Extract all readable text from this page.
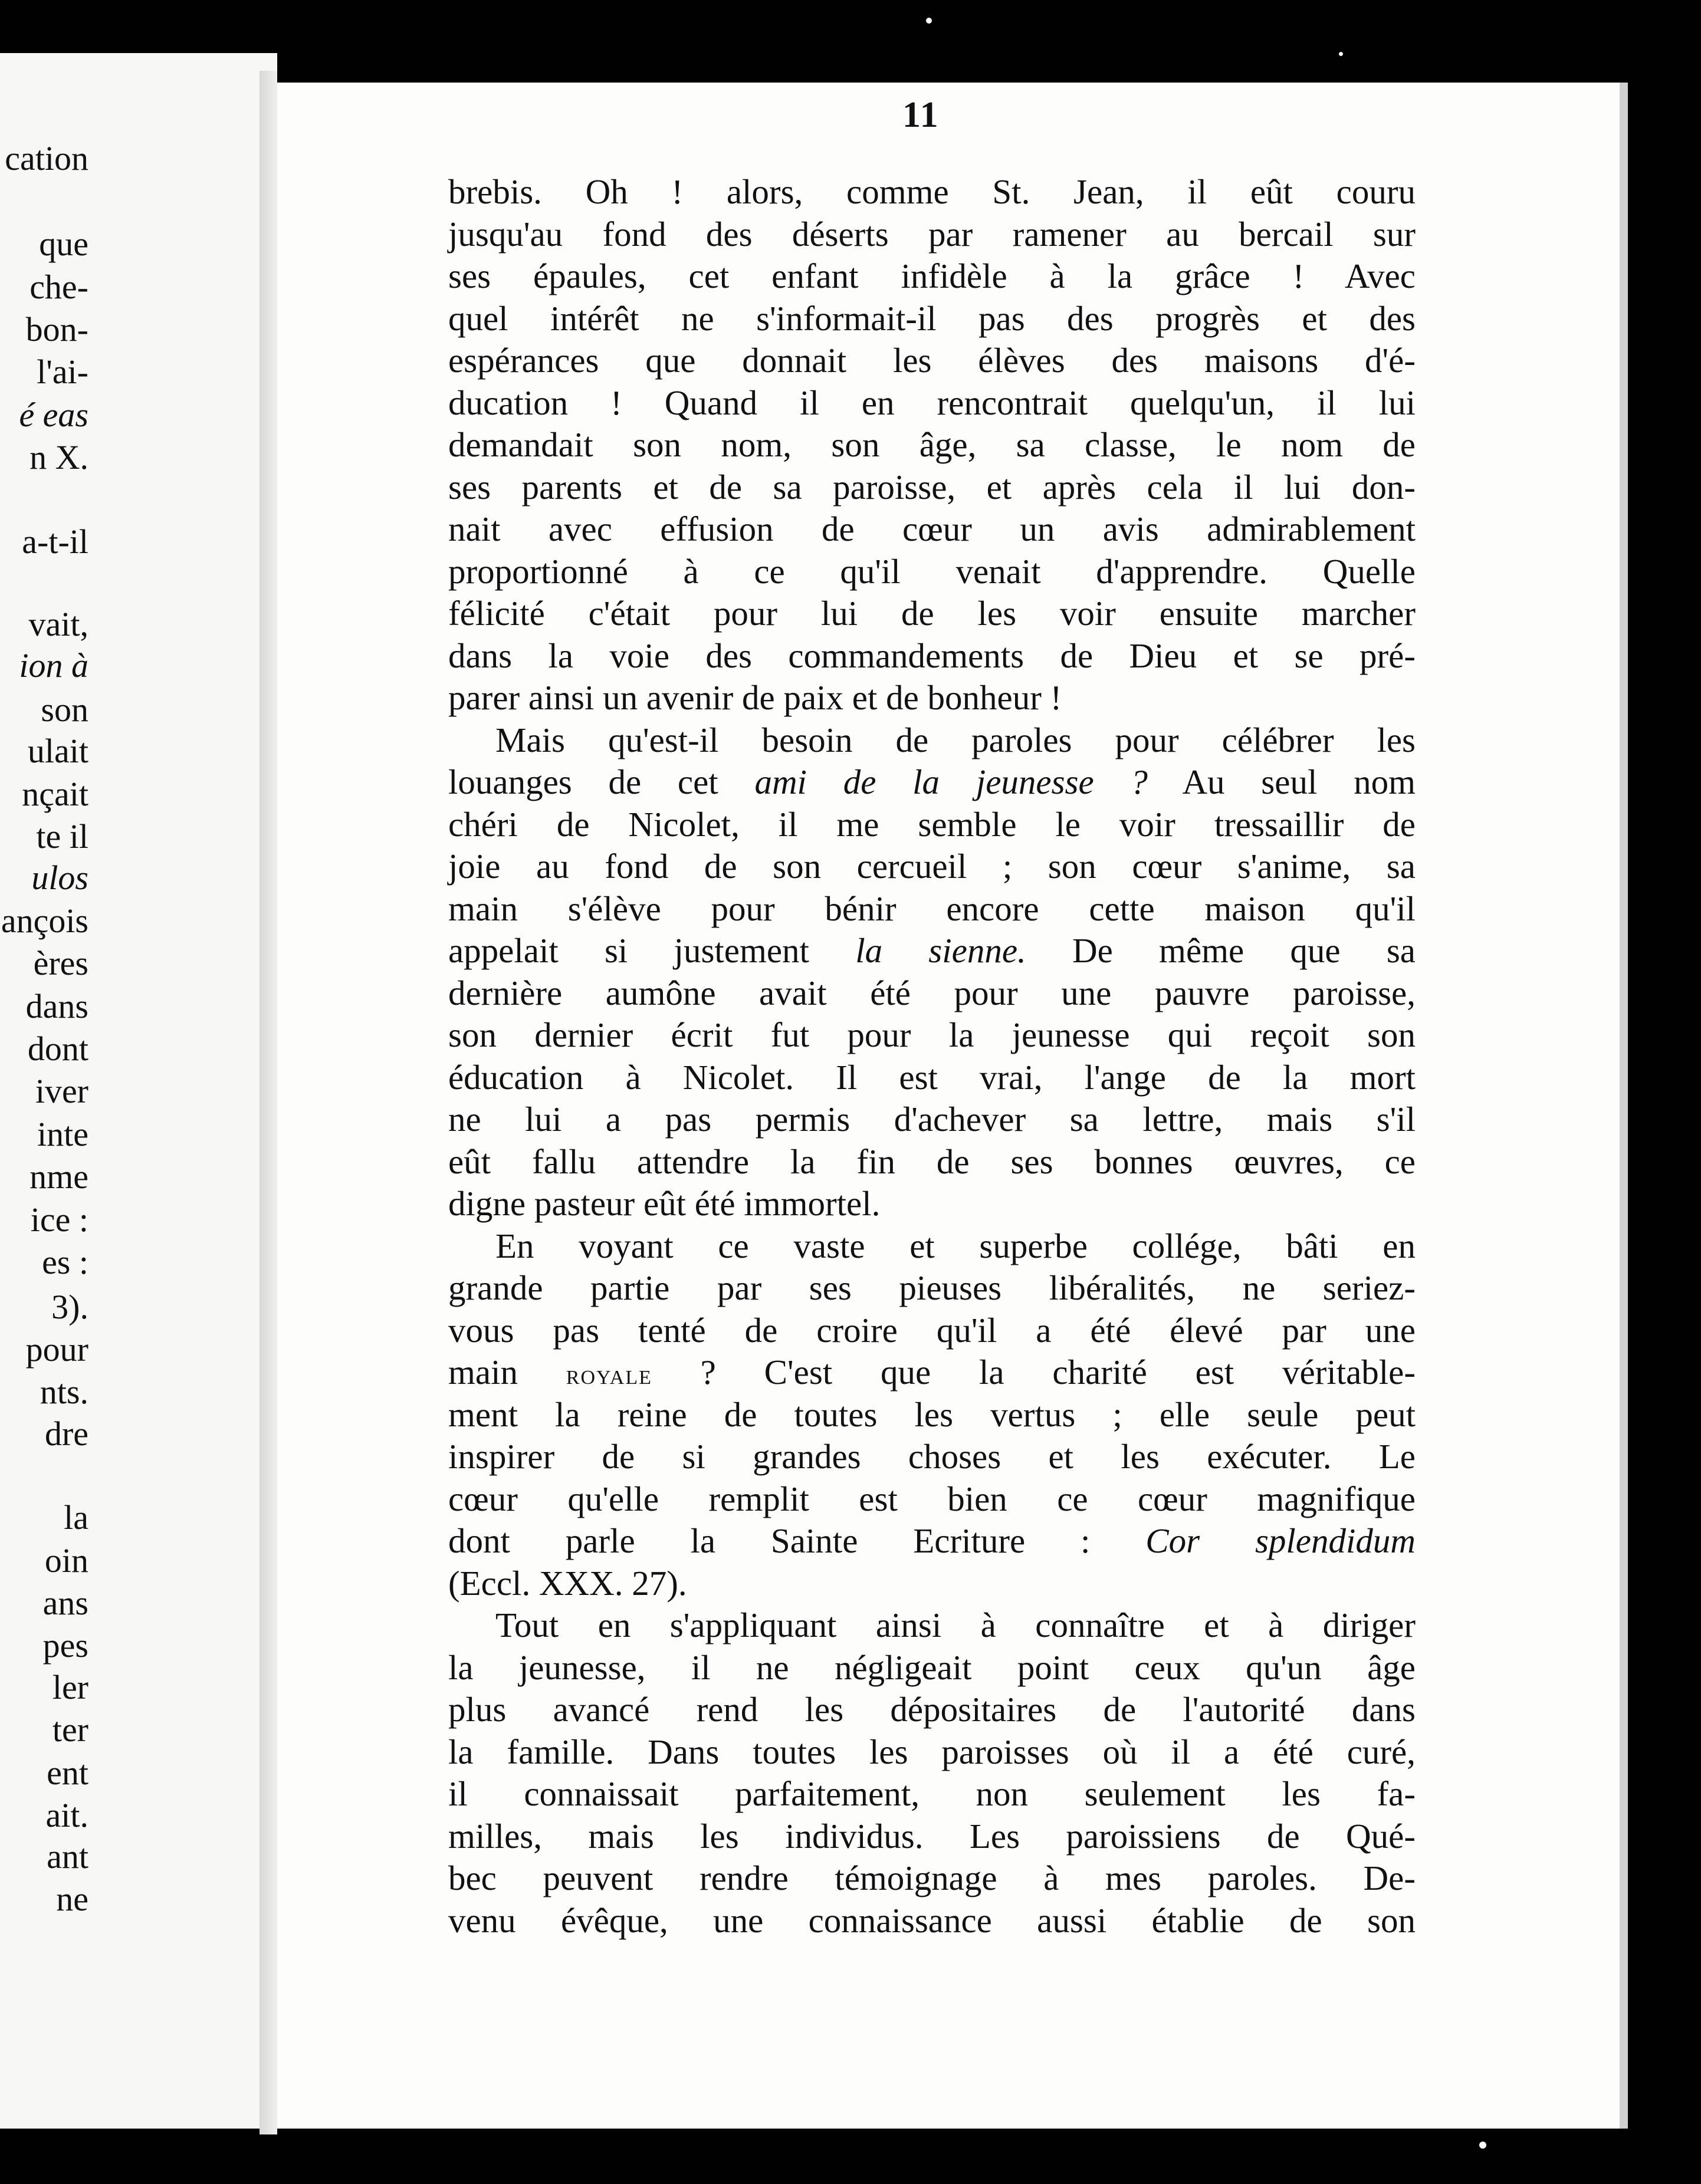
cation
que
che-
bon-
l'ai-
é eas
n X.
a-t-il
vait,
ion à
son
ulait
nçait
te il
ulos
ançois
ères
dans
dont
iver
inte
nme
ice :
es :
3).
pour
nts.
dre
la
oin
ans
pes
ler
ter
ent
ait.
ant
ne
11
brebis. Oh ! alors, comme St. Jean, il eût couru
jusqu'au fond des déserts par ramener au bercail sur
ses épaules, cet enfant infidèle à la grâce ! Avec
quel intérêt ne s'informait-il pas des progrès et des
espérances que donnait les élèves des maisons d'é-
ducation ! Quand il en rencontrait quelqu'un, il lui
demandait son nom, son âge, sa classe, le nom de
ses parents et de sa paroisse, et après cela il lui don-
nait avec effusion de cœur un avis admirablement
proportionné à ce qu'il venait d'apprendre. Quelle
félicité c'était pour lui de les voir ensuite marcher
dans la voie des commandements de Dieu et se pré-
parer ainsi un avenir de paix et de bonheur !
Mais qu'est-il besoin de paroles pour célébrer les
louanges de cet ami de la jeunesse ? Au seul nom
chéri de Nicolet, il me semble le voir tressaillir de
joie au fond de son cercueil ; son cœur s'anime, sa
main s'élève pour bénir encore cette maison qu'il
appelait si justement la sienne. De même que sa
dernière aumône avait été pour une pauvre paroisse,
son dernier écrit fut pour la jeunesse qui reçoit son
éducation à Nicolet. Il est vrai, l'ange de la mort
ne lui a pas permis d'achever sa lettre, mais s'il
eût fallu attendre la fin de ses bonnes œuvres, ce
digne pasteur eût été immortel.
En voyant ce vaste et superbe collége, bâti en
grande partie par ses pieuses libéralités, ne seriez-
vous pas tenté de croire qu'il a été élevé par une
main royale ? C'est que la charité est véritable-
ment la reine de toutes les vertus ; elle seule peut
inspirer de si grandes choses et les exécuter. Le
cœur qu'elle remplit est bien ce cœur magnifique
dont parle la Sainte Ecriture : Cor splendidum
(Eccl. XXX. 27).
Tout en s'appliquant ainsi à connaître et à diriger
la jeunesse, il ne négligeait point ceux qu'un âge
plus avancé rend les dépositaires de l'autorité dans
la famille. Dans toutes les paroisses où il a été curé,
il connaissait parfaitement, non seulement les fa-
milles, mais les individus. Les paroissiens de Qué-
bec peuvent rendre témoignage à mes paroles. De-
venu évêque, une connaissance aussi établie de son
